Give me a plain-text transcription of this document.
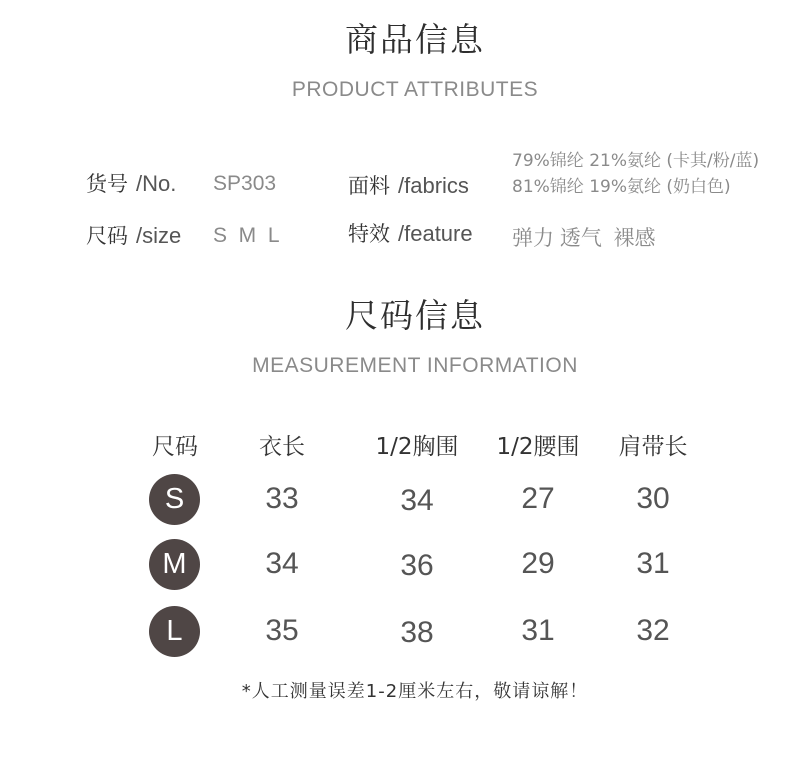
商品信息
PRODUCT ATTRIBUTES
货号 /No. SP303
尺码 /size S  M  L
面料 /fabrics
79%锦纶 21%氨纶 (卡其/粉/蓝)
81%锦纶 19%氨纶 (奶白色)
特效 /feature 弹力 透气  裸感
尺码信息
MEASUREMENT INFORMATION
尺码	衣长	1/2胸围	1/2腰围	肩带长
S	33	34	27	30
M	34	36	29	31
L	35	38	31	32
*人工测量误差1-2厘米左右，敬请谅解！
